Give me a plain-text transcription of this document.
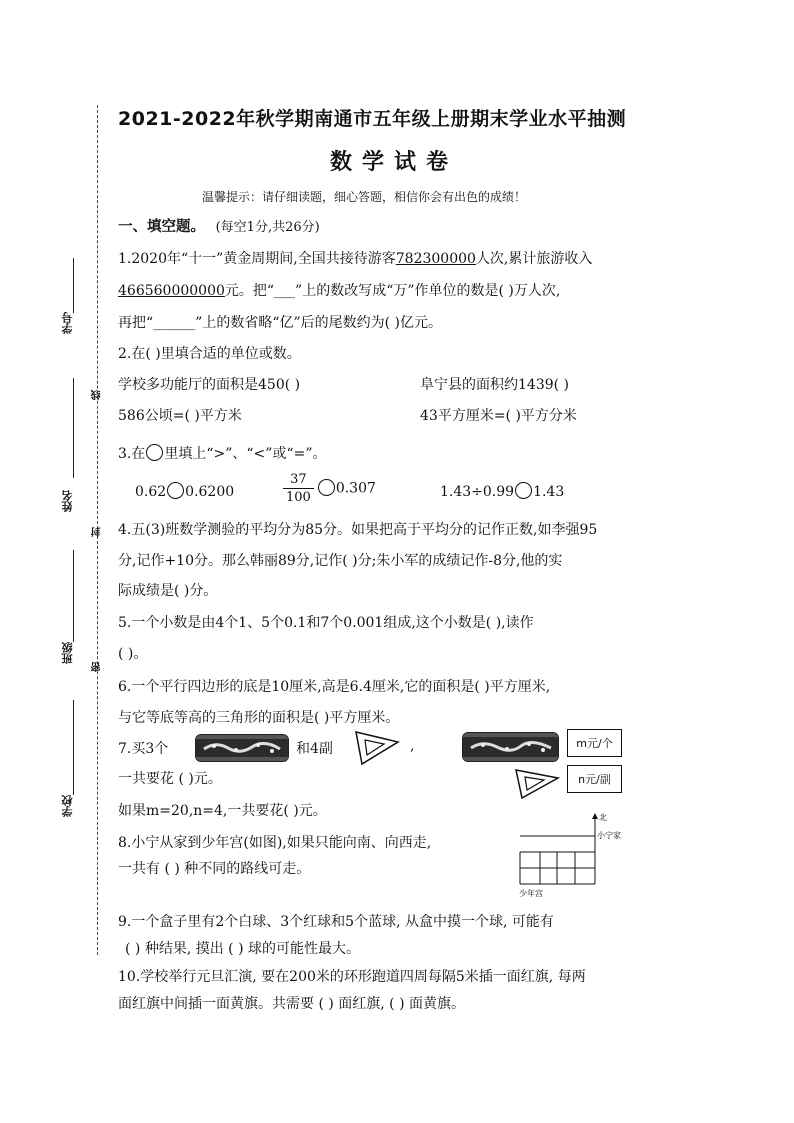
学号
线
姓名
封
班级
密
学校
2021-2022年秋学期南通市五年级上册期末学业水平抽测
数学试卷
温馨提示：请仔细读题，细心答题，相信你会有出色的成绩！
一、填空题。 (每空1分,共26分)
1.2020年“十一”黄金周期间,全国共接待游客782300000人次,累计旅游收入
466560000000元。把“___”上的数改写成“万”作单位的数是( )万人次,
再把“______”上的数省略“亿”后的尾数约为( )亿元。
2.在( )里填合适的单位或数。
学校多功能厅的面积是450( )	阜宁县的面积约1439( )
586公顷=( )平方米	43平方厘米=( )平方分米
3.在 里填上“>”、“<”或“=”。
0.62 0.6200	$\frac{37}{100} 0.307$	1.43÷0.99 1.43
4.五(3)班数学测验的平均分为85分。如果把高于平均分的记作正数,如李强95
分,记作+10分。那么韩丽89分,记作( )分;朱小军的成绩记作-8分,他的实
际成绩是( )分。
5.一个小数是由4个1、5个0.1和7个0.001组成,这个小数是( ),读作
( )。
6.一个平行四边形的底是10厘米,高是6.4厘米,它的面积是( )平方厘米,
与它等底等高的三角形的面积是( )平方厘米。
7.买3个	和4副	,	m元/个
n元/副
一共要花 ( )元。
如果m=20,n=4,一共要花( )元。
8.小宁从家到少年宫(如图),如果只能向南、向西走,
一共有 ( ) 种不同的路线可走。
北
小宁家
少年宫
9.一个盒子里有2个白球、3个红球和5个蓝球, 从盒中摸一个球, 可能有
( ) 种结果, 摸出 ( ) 球的可能性最大。
10.学校举行元旦汇演, 要在200米的环形跑道四周每隔5米插一面红旗, 每两
面红旗中间插一面黄旗。共需要 ( ) 面红旗, ( ) 面黄旗。
